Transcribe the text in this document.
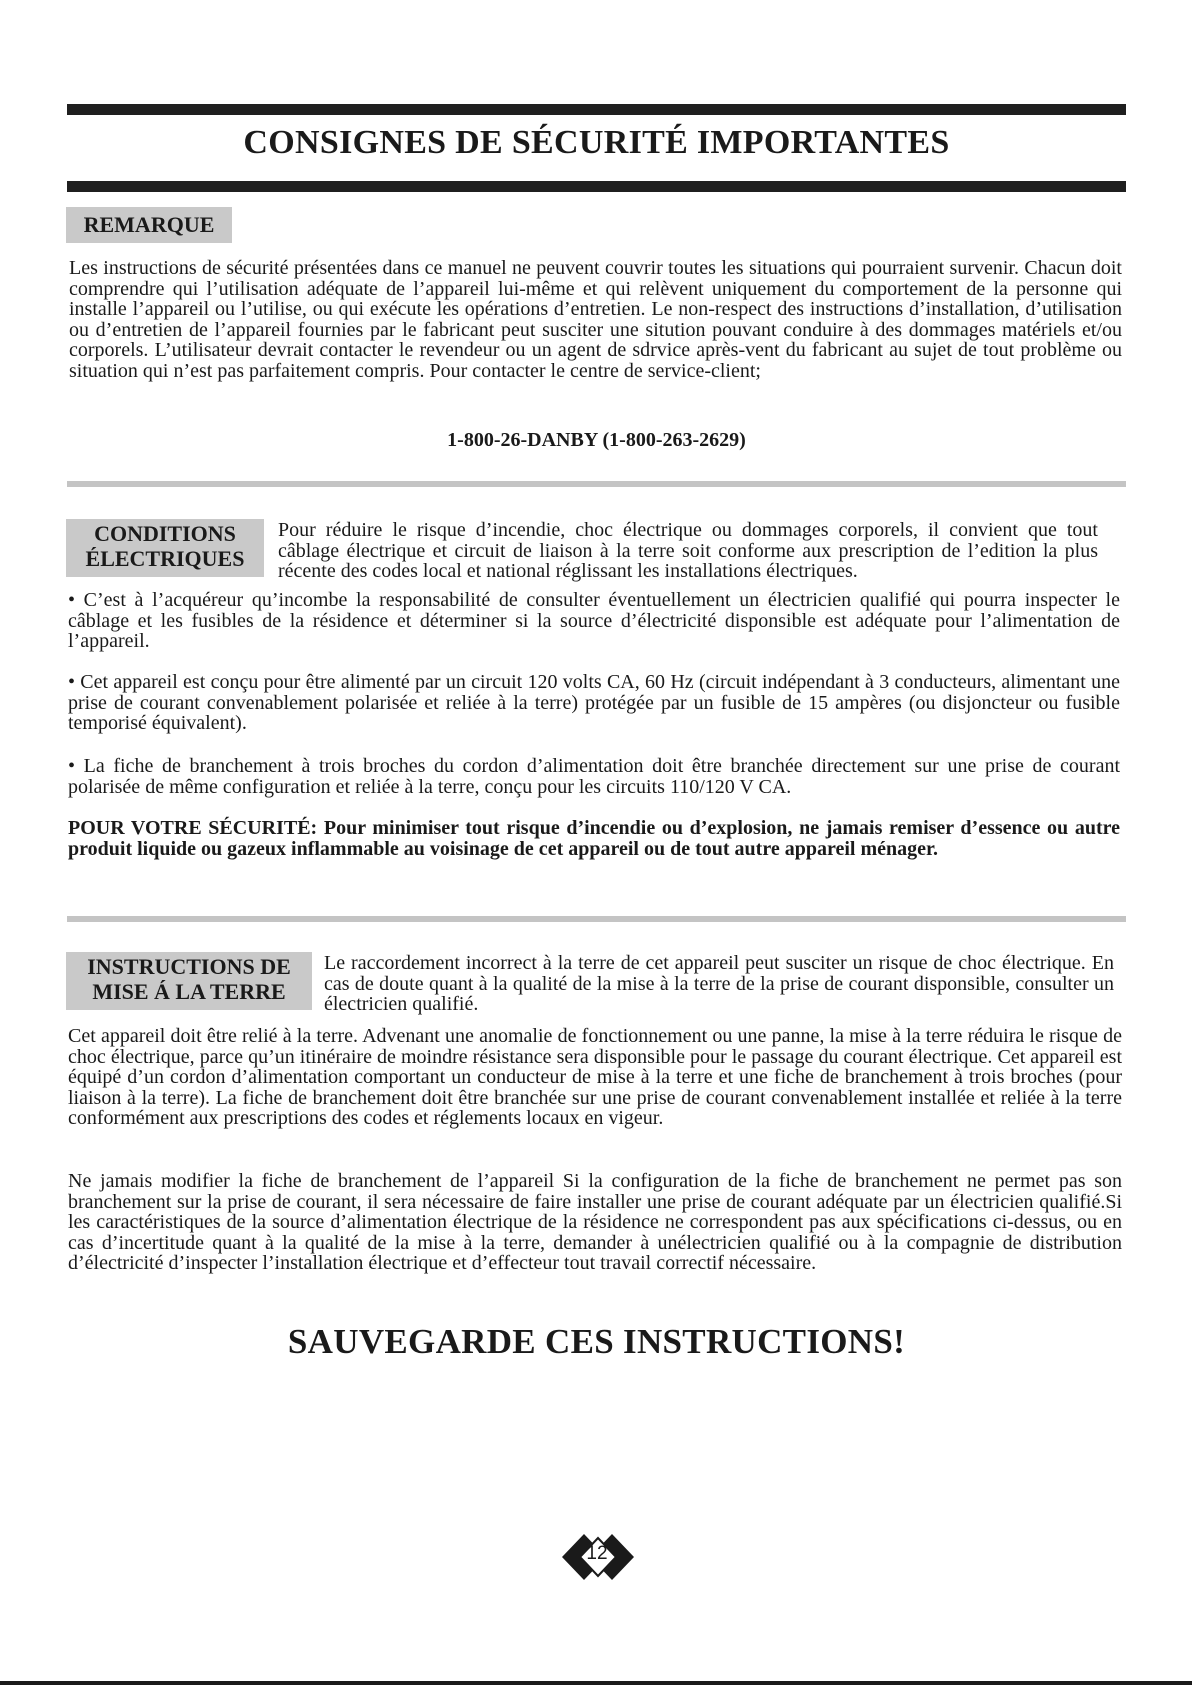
CONSIGNES DE SÉCURITÉ IMPORTANTES
REMARQUE

Les instructions de sécurité présentées dans ce manuel ne peuvent couvrir toutes les situations qui pourraient survenir. Chacun doit comprendre qui l’utilisation adéquate de l’appareil lui-même et qui relèvent uniquement du comportement de la personne qui installe l’appareil ou l’utilise, ou qui exécute les opérations d’entretien. Le non-respect des instructions d’installation, d’utilisation ou d’entretien de l’appareil fournies par le fabricant peut susciter une sitution pouvant conduire à des dommages matériels et/ou corporels. L’utilisateur devrait contacter le revendeur ou un agent de sdrvice après-vent du fabricant au sujet de tout problème ou situation qui n’est pas parfaitement compris. Pour contacter le centre de service-client;

1-800-26-DANBY (1-800-263-2629)

CONDITIONS
ÉLECTRIQUES

Pour réduire le risque d’incendie, choc électrique ou dommages corporels, il convient que tout câblage électrique et circuit de liaison à la terre soit conforme aux prescription de l’edition la plus récente des codes local et national réglissant les installations électriques.

• C’est à l’acquéreur qu’incombe la responsabilité de consulter éventuellement un électricien qualifié qui pourra inspecter le câblage et les fusibles de la résidence et déterminer si la source d’électricité disponsible est adéquate pour l’alimentation de l’appareil.

• Cet appareil est conçu pour être alimenté par un circuit 120 volts CA, 60 Hz (circuit indépendant à 3 conducteurs, alimentant une prise de courant convenablement polarisée et reliée à la terre) protégée par un fusible de 15 ampères (ou disjoncteur ou fusible temporisé équivalent).

• La fiche de branchement à trois broches du cordon d’alimentation doit être branchée directement sur une prise de courant polarisée de même configuration et reliée à la terre, conçu pour les circuits 110/120 V CA.

POUR VOTRE SÉCURITÉ: Pour minimiser tout risque d’incendie ou d’explosion, ne jamais remiser d’essence ou autre produit liquide ou gazeux inflammable au voisinage de cet appareil ou de tout autre appareil ménager.

INSTRUCTIONS DE
MISE Á LA TERRE

Le raccordement incorrect à la terre de cet appareil peut susciter un risque de choc électrique. En cas de doute quant à la qualité de la mise à la terre de la prise de courant disponsible, consulter un électricien qualifié.

Cet appareil doit être relié à la terre. Advenant une anomalie de fonctionnement ou une panne, la mise à la terre réduira le risque de choc électrique, parce qu’un itinéraire de moindre résistance sera disponsible pour le passage du courant électrique. Cet appareil est équipé d’un cordon d’alimentation comportant un conducteur de mise à la terre et une fiche de branchement à trois broches (pour liaison à la terre). La fiche de branchement doit être branchée sur une prise de courant convenablement installée et reliée à la terre conformément aux prescriptions des codes et réglements locaux en vigeur.

Ne jamais modifier la fiche de branchement de l’appareil Si la configuration de la fiche de branchement ne permet pas son branchement sur la prise de courant, il sera nécessaire de faire installer une prise de courant adéquate par un électricien qualifié.Si les caractéristiques de la source d’alimentation électrique de la résidence ne correspondent pas aux spécifications ci-dessus, ou en cas d’incertitude quant à la qualité de la mise à la terre, demander à unélectricien qualifié ou à la compagnie de distribution d’électricité d’inspecter l’installation électrique et d’effecteur tout travail correctif nécessaire.

SAUVEGARDE CES INSTRUCTIONS!
12
